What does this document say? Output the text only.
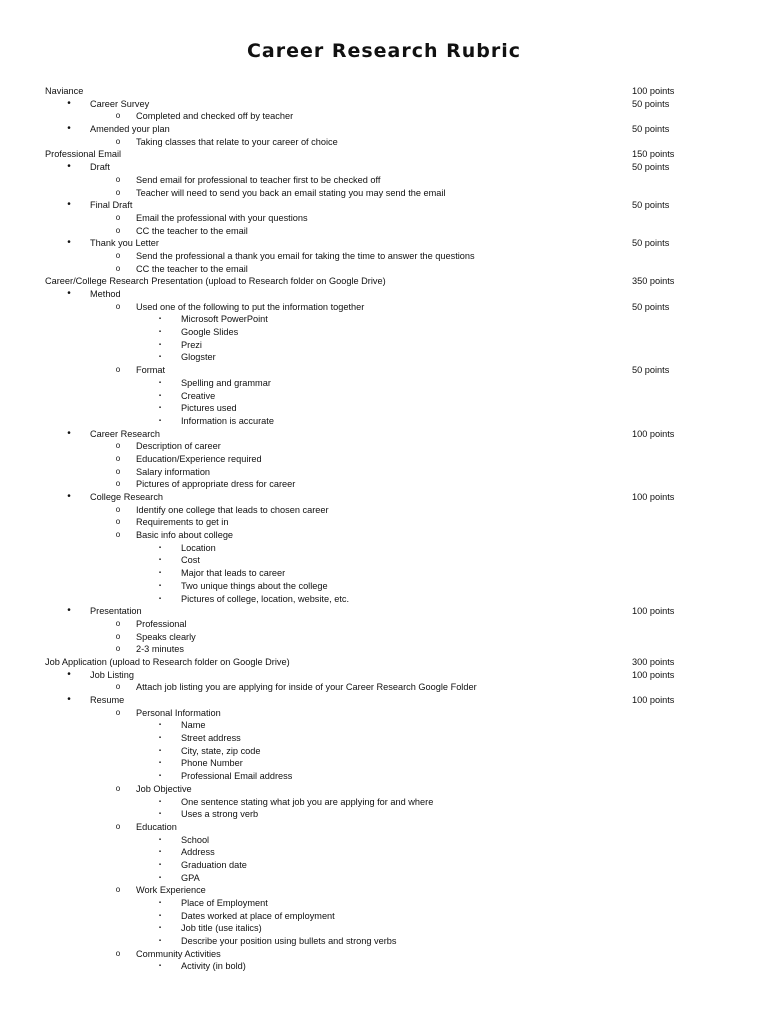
Career Research Rubric
Naviance	100 points
•	Career Survey	50 points
o	Completed and checked off by teacher
•	Amended your plan	50 points
o	Taking classes that relate to your career of choice
Professional Email	150 points
•	Draft	50 points
o	Send email for professional to teacher first to be checked off
o	Teacher will need to send you back an email stating you may send the email
•	Final Draft	50 points
o	Email the professional with your questions
o	CC the teacher to the email
•	Thank you Letter	50 points
o	Send the professional a thank you email for taking the time to answer the questions
o	CC the teacher to the email
Career/College Research Presentation (upload to Research folder on Google Drive)	350 points
•	Method
o	Used one of the following to put the information together	50 points
▪	Microsoft PowerPoint
▪	Google Slides
▪	Prezi
▪	Glogster
o	Format	50 points
▪	Spelling and grammar
▪	Creative
▪	Pictures used
▪	Information is accurate
•	Career Research	100 points
o	Description of career
o	Education/Experience required
o	Salary information
o	Pictures of appropriate dress for career
•	College Research	100 points
o	Identify one college that leads to chosen career
o	Requirements to get in
o	Basic info about college
▪	Location
▪	Cost
▪	Major that leads to career
▪	Two unique things about the college
▪	Pictures of college, location, website, etc.
•	Presentation	100 points
o	Professional
o	Speaks clearly
o	2-3 minutes
Job Application (upload to Research folder on Google Drive)	300 points
•	Job Listing	100 points
o	Attach job listing you are applying for inside of your Career Research Google Folder
•	Resume	100 points
o	Personal Information
▪	Name
▪	Street address
▪	City, state, zip code
▪	Phone Number
▪	Professional Email address
o	Job Objective
▪	One sentence stating what job you are applying for and where
▪	Uses a strong verb
o	Education
▪	School
▪	Address
▪	Graduation date
▪	GPA
o	Work Experience
▪	Place of Employment
▪	Dates worked at place of employment
▪	Job title (use italics)
▪	Describe your position using bullets and strong verbs
o	Community Activities
▪	Activity (in bold)
